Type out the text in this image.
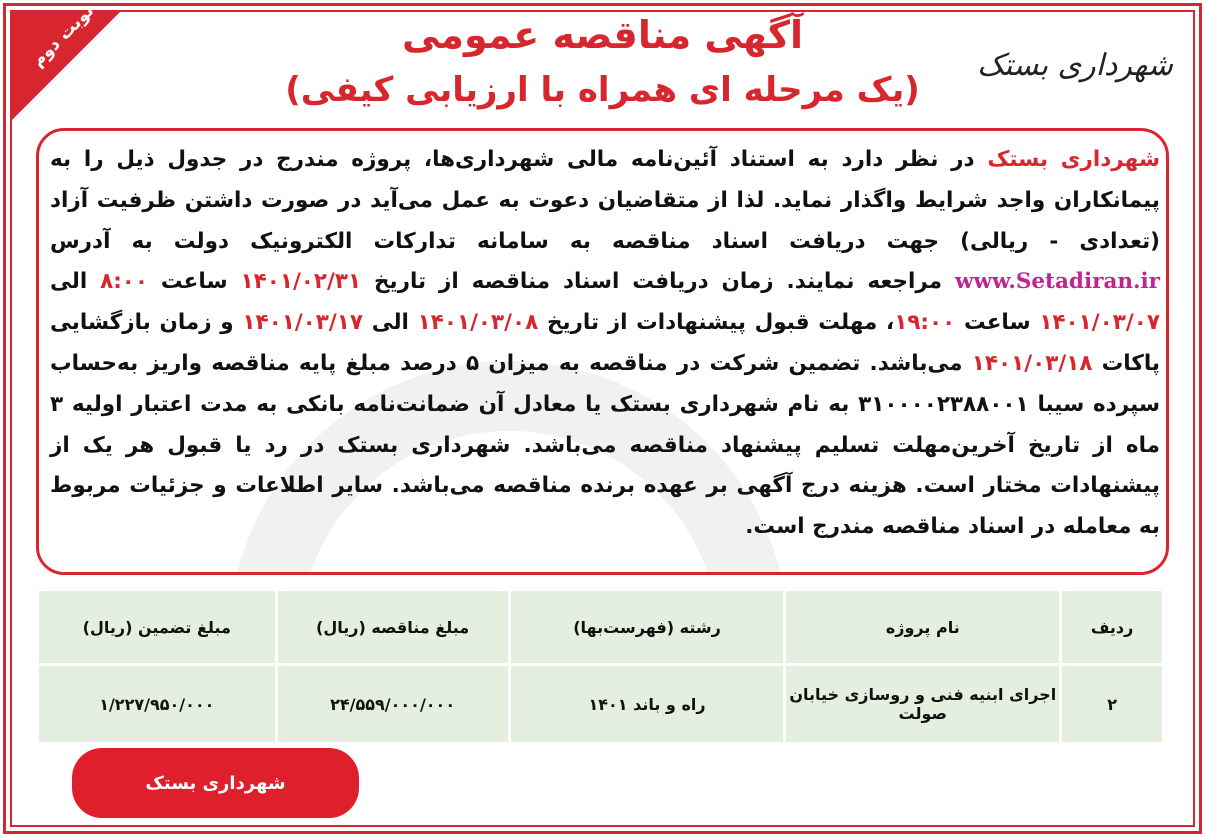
نوبت دوم	شهرداری بستک
آگهی مناقصه عمومی
(یک مرحله ای همراه با ارزیابی کیفی)
شهرداری بستک در نظر دارد به استناد آئین‌نامه مالی شهرداری‌ها، پروژه مندرج در جدول ذیل را به پیمانکاران واجد شرایط واگذار نماید. لذا از متقاضیان دعوت به عمل می‌آید در صورت داشتن ظرفیت آزاد (تعدادی - ریالی) جهت دریافت اسناد مناقصه به سامانه تدارکات الکترونیک دولت به آدرس www.Setadiran.ir مراجعه نمایند. زمان دریافت اسناد مناقصه از تاریخ ۱۴۰۱/۰۲/۳۱ ساعت ۸:۰۰ الی ۱۴۰۱/۰۳/۰۷ ساعت ۱۹:۰۰، مهلت قبول پیشنهادات از تاریخ ۱۴۰۱/۰۳/۰۸ الی ۱۴۰۱/۰۳/۱۷ و زمان بازگشایی پاکات ۱۴۰۱/۰۳/۱۸ می‌باشد. تضمین شرکت در مناقصه به میزان ۵ درصد مبلغ پایه مناقصه واریز به‌حساب سپرده سیبا ۳۱۰۰۰۰۲۳۸۸۰۰۱ به نام شهرداری بستک یا معادل آن ضمانت‌نامه بانکی به مدت اعتبار اولیه ۳ ماه از تاریخ آخرین‌مهلت تسلیم پیشنهاد مناقصه می‌باشد. شهرداری بستک در رد یا قبول هر یک از پیشنهادات مختار است. هزینه درج آگهی بر عهده برنده مناقصه می‌باشد. سایر اطلاعات و جزئیات مربوط به معامله در اسناد مناقصه مندرج است.
ردیف	نام پروژه	رشته (فهرست‌بها)	مبلغ مناقصه (ریال)	مبلغ تضمین (ریال)
۲	اجرای ابنیه فنی و روسازی خیابان صولت	راه و باند ۱۴۰۱	۲۴/۵۵۹/۰۰۰/۰۰۰	۱/۲۲۷/۹۵۰/۰۰۰
شهرداری بستک
